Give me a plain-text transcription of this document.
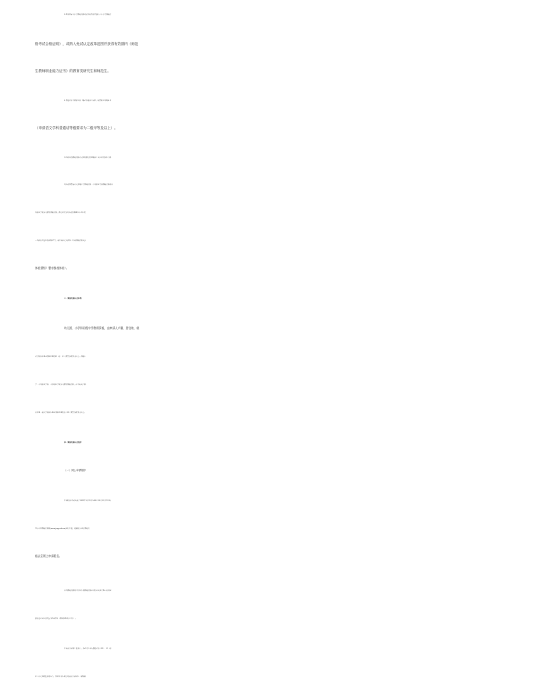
3.参加国家中小学教师资格考试并取得有效期内《中小学教师资
格考试合格证明》，或纳入免试认定改革范围并获得有效期内《师范
生教师职业能力证书》的教育类研究生和师范生。
4.普通话水平测试达到二级乙等及以上标准，取得相应等级证书
（申请语文学科普通话等级要求为二级甲等及以上）。
5.经相应的教师资格认定机构指定的县级以上人民医院体检合格
鸡西市教育局认定高级中学教师资格、中等职业学校教师资格和中
等职业学校实习指导教师资格，指定医院为鸡西市铁路地区中心医院
—鸡西市鸡冠区铁西路17号，请申请认定人按照《申请教师资格人员
体检须知》要求参加体检）。
三、教师资格认定机构
幼儿园、小学和初级中学教师资格，由申请人户籍、居住地、就
读学校所在地或部队驻地的县（市、区）教育行政部门认定；高级中
学、中等职业学校、中等职业学校实习指导教师资格，由申请人户籍、
居住地、就读学校所在地或部队驻地的市（地）教育行政部门认定。
四、教师资格认定程序
（一）网上申请程序
申请时间:申请人请于2023年9月25日9:00至10月13日17:00，
登录中国教师资格网(www.jszg.edu.cn)进行申报，根据提示进行教师资
格认定网上申请报名。
中国教师资格网上传照片和教师资格证书持证人照片统一使用近
期免冠正面1寸彩色白底证件照（按照系统要求上传）。
申请人完成网上报名后，务必关注本人拟报名市（地）、县（市、
区）认定机构发布的公告，按照要求在规定时间内完成体检、现场确
